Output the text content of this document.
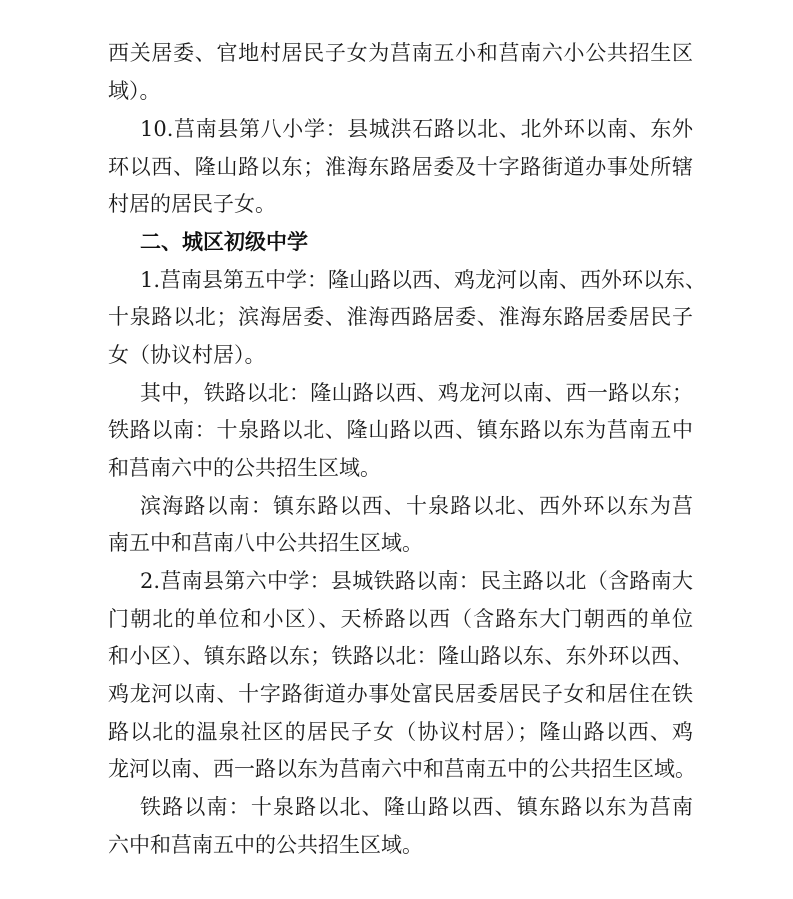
西关居委、官地村居民子女为莒南五小和莒南六小公共招生区
域）。
10.莒南县第八小学：县城洪石路以北、北外环以南、东外
环以西、隆山路以东；淮海东路居委及十字路街道办事处所辖
村居的居民子女。
二、城区初级中学
1.莒南县第五中学：隆山路以西、鸡龙河以南、西外环以东、
十泉路以北；滨海居委、淮海西路居委、淮海东路居委居民子
女（协议村居）。
其中，铁路以北：隆山路以西、鸡龙河以南、西一路以东；
铁路以南：十泉路以北、隆山路以西、镇东路以东为莒南五中
和莒南六中的公共招生区域。
滨海路以南：镇东路以西、十泉路以北、西外环以东为莒
南五中和莒南八中公共招生区域。
2.莒南县第六中学：县城铁路以南：民主路以北（含路南大
门朝北的单位和小区）、天桥路以西（含路东大门朝西的单位
和小区）、镇东路以东；铁路以北：隆山路以东、东外环以西、
鸡龙河以南、十字路街道办事处富民居委居民子女和居住在铁
路以北的温泉社区的居民子女（协议村居）；隆山路以西、鸡
龙河以南、西一路以东为莒南六中和莒南五中的公共招生区域。
铁路以南：十泉路以北、隆山路以西、镇东路以东为莒南
六中和莒南五中的公共招生区域。
